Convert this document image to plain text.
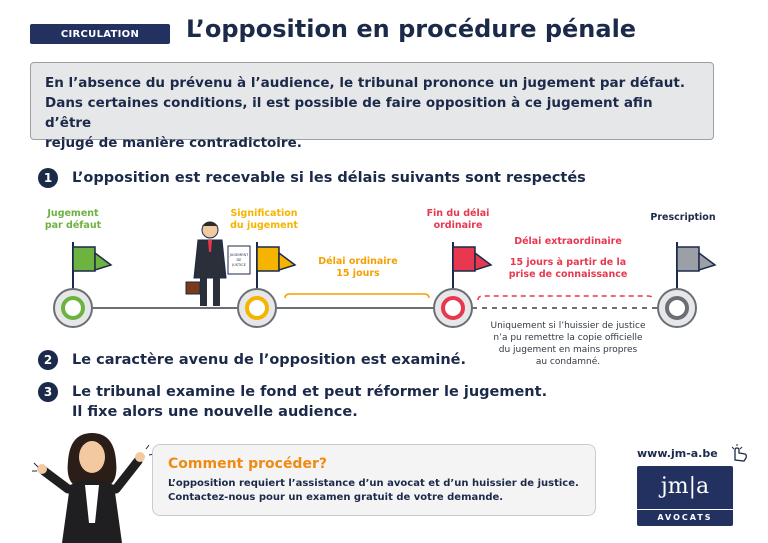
CIRCULATION	L’opposition en procédure pénale
En l’absence du prévenu à l’audience, le tribunal prononce un jugement par défaut.
Dans certaines conditions, il est possible de faire opposition à ce jugement afin d’être
rejugé de manière contradictoire.
1	L’opposition est recevable si les délais suivants sont respectés
JUGEMENT
DE
JUSTICE
Jugement
par défaut
Signification
du jugement
Fin du délai
ordinaire
Prescription
Délai ordinaire
15 jours
Délai extraordinaire
15 jours à partir de la
prise de connaissance
Uniquement si l’huissier de justice
n’a pu remettre la copie officielle
du jugement en mains propres
au condamné.
2	Le caractère avenu de l’opposition est examiné.
3	Le tribunal examine le fond et peut réformer le jugement.
Il fixe alors une nouvelle audience.
Comment procéder?
L’opposition requiert l’assistance d’un avocat et d’un huissier de justice.
Contactez-nous pour un examen gratuit de votre demande.
www.jm-a.be
jm|a
AVOCATS
